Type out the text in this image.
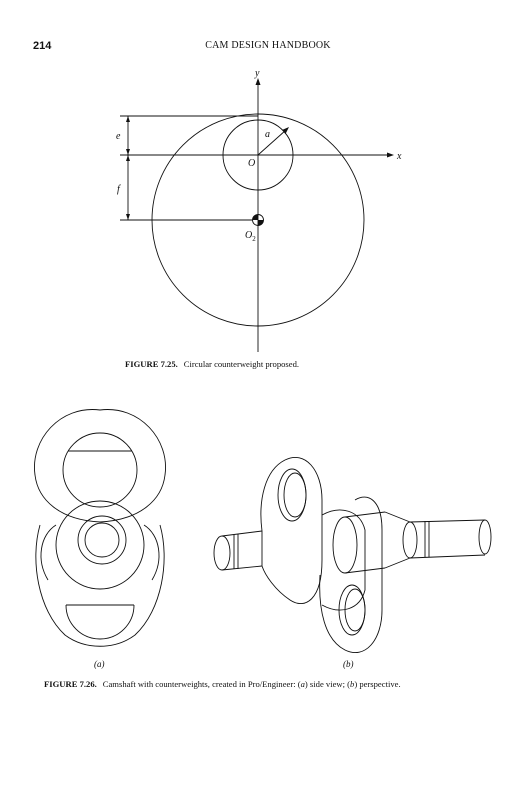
214	CAM DESIGN HANDBOOK
y
x
e
f
a
O
$O_2$
FIGURE 7.25. Circular counterweight proposed.
(a)	(b)
FIGURE 7.26. Camshaft with counterweights, created in Pro/Engineer: (a) side view; (b) perspective.
